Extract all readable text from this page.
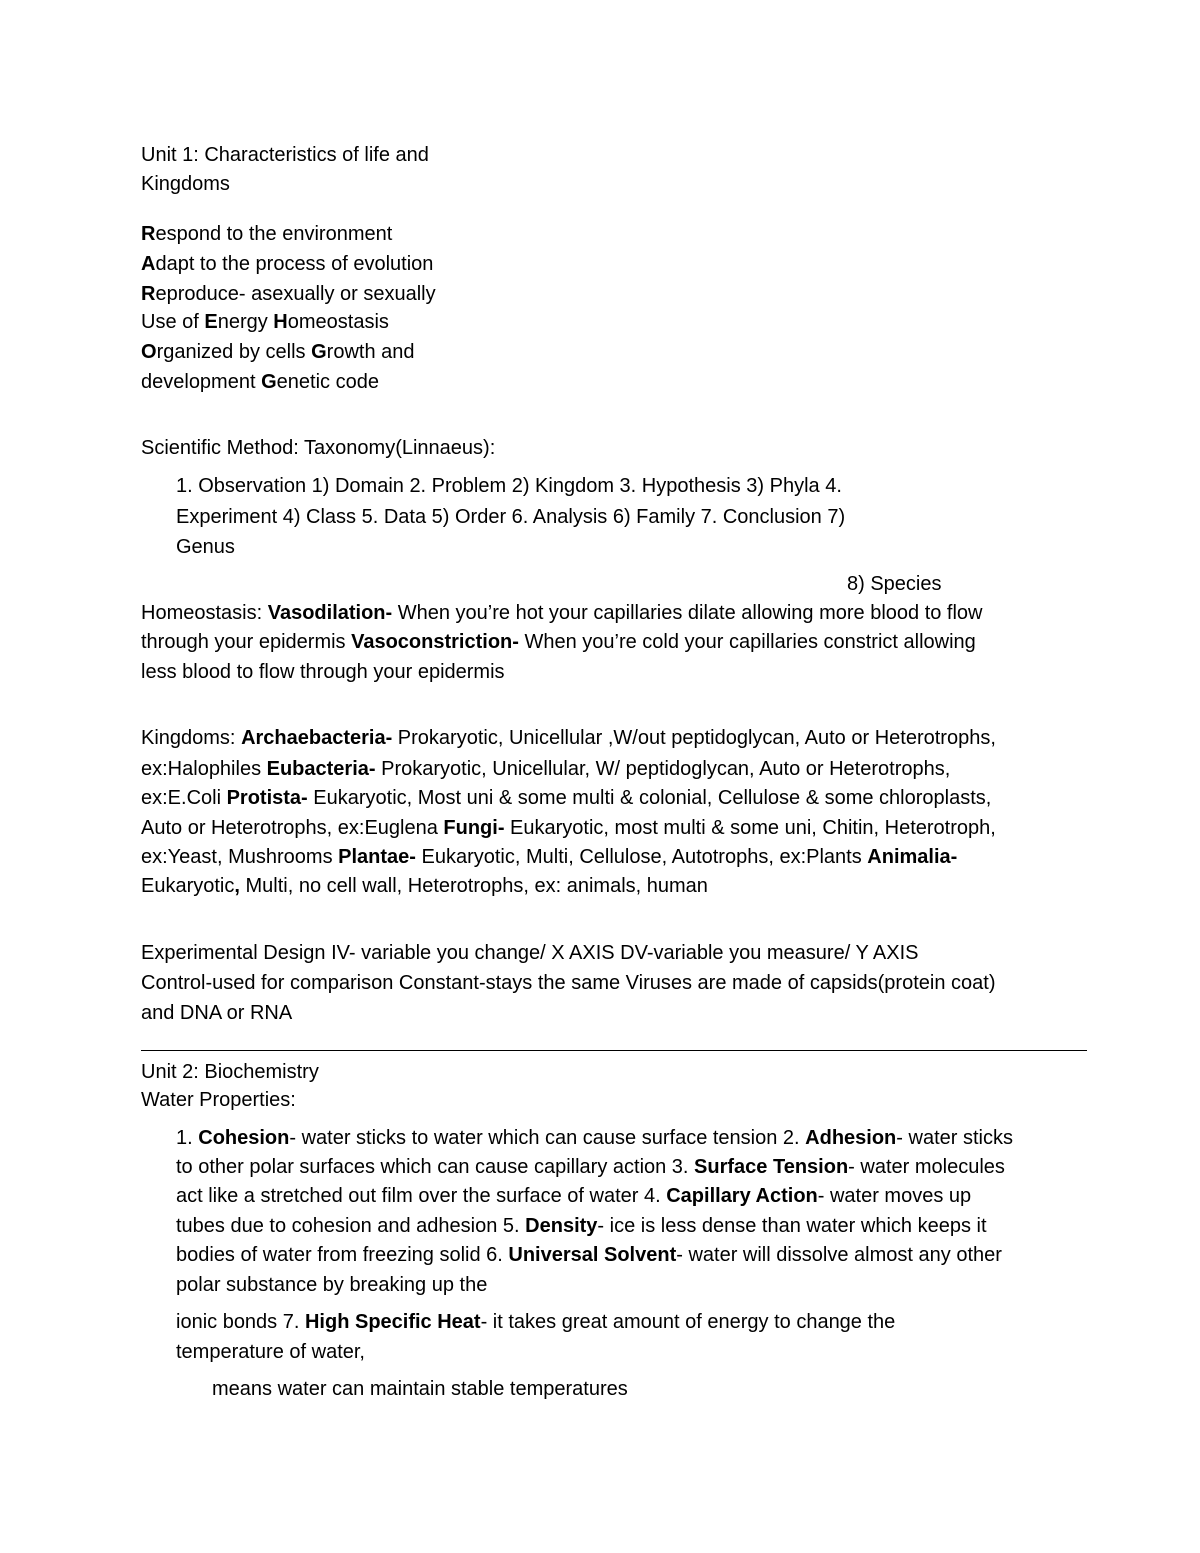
Unit 1: Characteristics of life and
Kingdoms
Respond to the environment
Adapt to the process of evolution
Reproduce- asexually or sexually
Use of Energy Homeostasis
Organized by cells Growth and
development Genetic code
Scientific Method: Taxonomy(Linnaeus):
1. Observation 1) Domain 2. Problem 2) Kingdom 3. Hypothesis 3) Phyla 4.
Experiment 4) Class 5. Data 5) Order 6. Analysis 6) Family 7. Conclusion 7)
Genus
8) Species
Homeostasis: Vasodilation- When you’re hot your capillaries dilate allowing more blood to flow
through your epidermis Vasoconstriction- When you’re cold your capillaries constrict allowing
less blood to flow through your epidermis
Kingdoms: Archaebacteria- Prokaryotic, Unicellular ,W/out peptidoglycan, Auto or Heterotrophs,
ex:Halophiles Eubacteria- Prokaryotic, Unicellular, W/ peptidoglycan, Auto or Heterotrophs,
ex:E.Coli Protista- Eukaryotic, Most uni & some multi & colonial, Cellulose & some chloroplasts,
Auto or Heterotrophs, ex:Euglena Fungi- Eukaryotic, most multi & some uni, Chitin, Heterotroph,
ex:Yeast, Mushrooms Plantae- Eukaryotic, Multi, Cellulose, Autotrophs, ex:Plants Animalia-
Eukaryotic, Multi, no cell wall, Heterotrophs, ex: animals, human
Experimental Design IV- variable you change/ X AXIS DV-variable you measure/ Y AXIS
Control-used for comparison Constant-stays the same Viruses are made of capsids(protein coat)
and DNA or RNA
Unit 2: Biochemistry
Water Properties:
1. Cohesion- water sticks to water which can cause surface tension 2. Adhesion- water sticks
to other polar surfaces which can cause capillary action 3. Surface Tension- water molecules
act like a stretched out film over the surface of water 4. Capillary Action- water moves up
tubes due to cohesion and adhesion 5. Density- ice is less dense than water which keeps it
bodies of water from freezing solid 6. Universal Solvent- water will dissolve almost any other
polar substance by breaking up the
ionic bonds 7. High Specific Heat- it takes great amount of energy to change the
temperature of water,
means water can maintain stable temperatures
